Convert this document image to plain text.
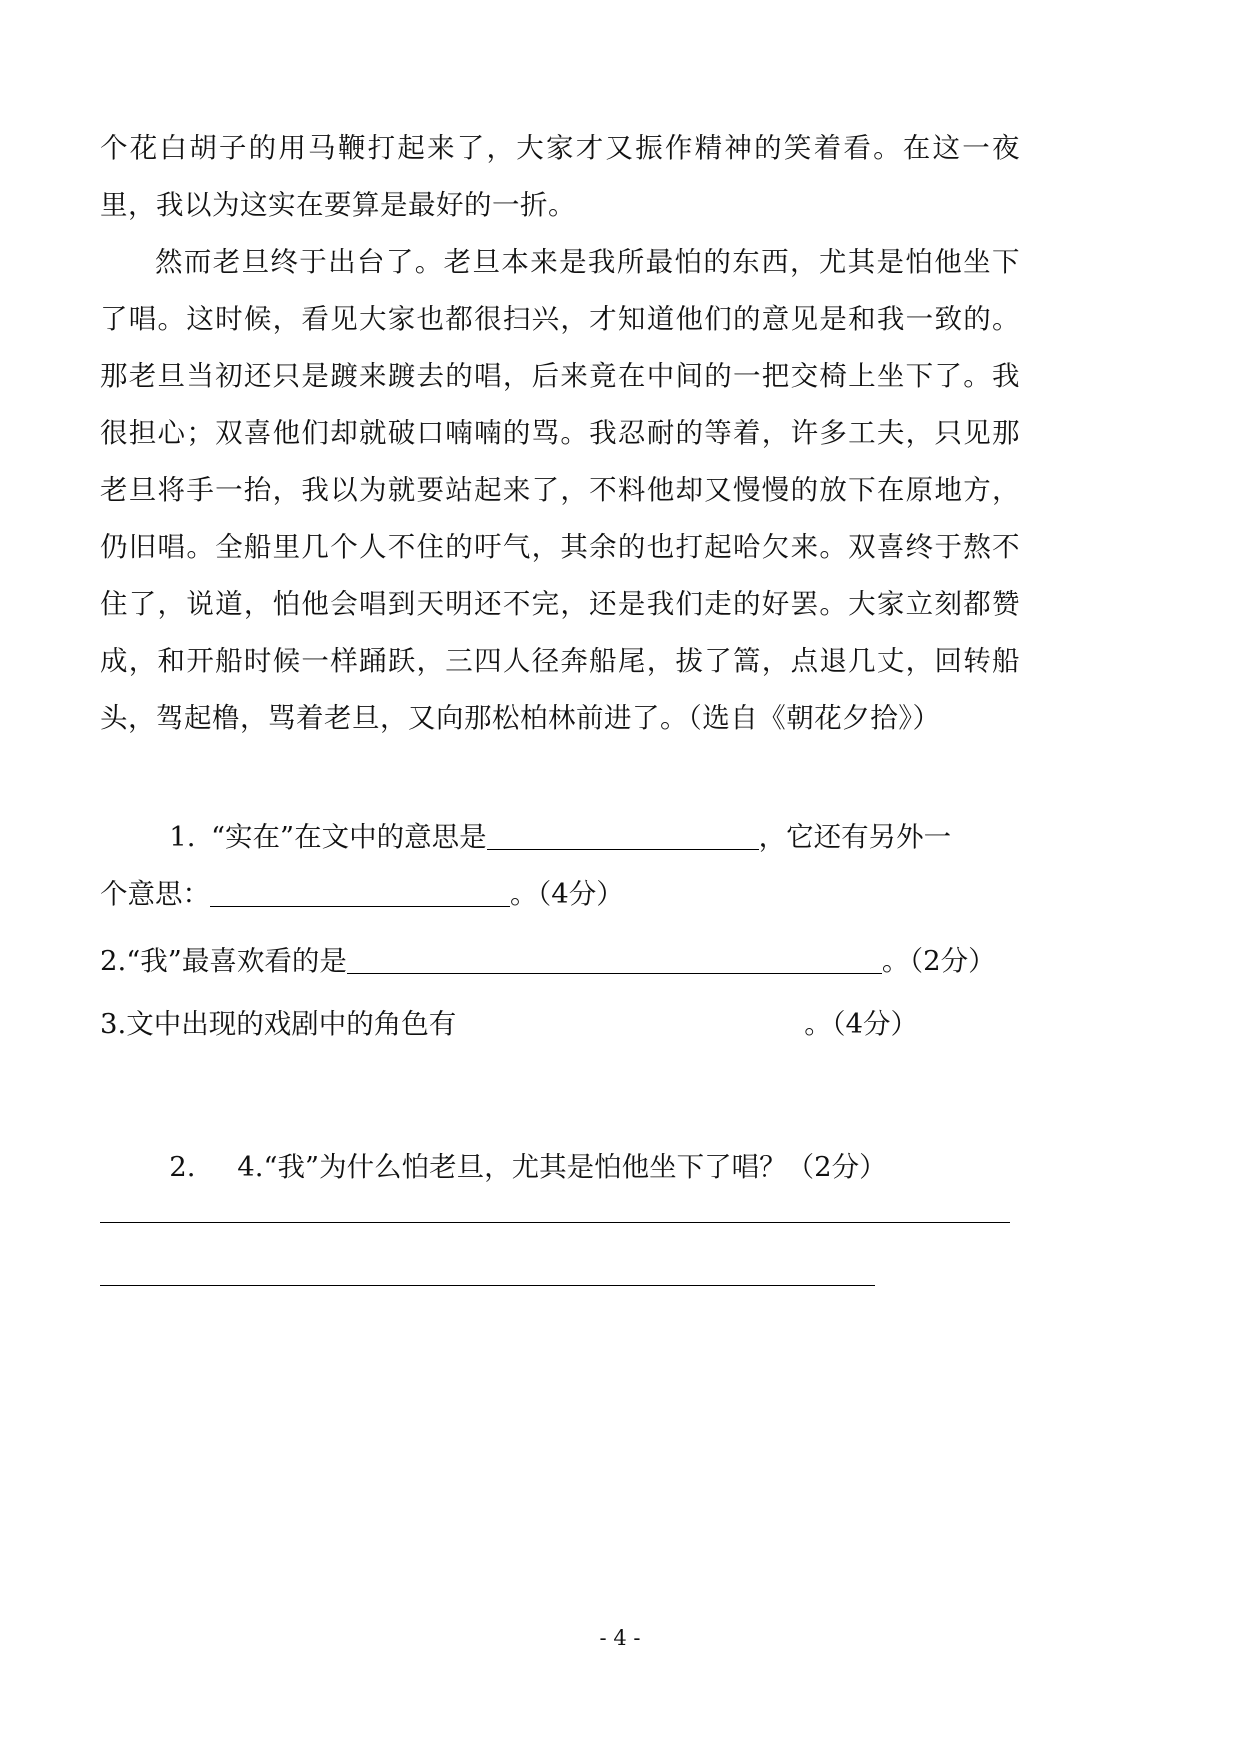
个花白胡子的用马鞭打起来了，大家才又振作精神的笑着看。在这一夜里，我以为这实在要算是最好的一折。

然而老旦终于出台了。老旦本来是我所最怕的东西，尤其是怕他坐下了唱。这时候，看见大家也都很扫兴，才知道他们的意见是和我一致的。那老旦当初还只是踱来踱去的唱，后来竟在中间的一把交椅上坐下了。我很担心；双喜他们却就破口喃喃的骂。我忍耐的等着，许多工夫，只见那老旦将手一抬，我以为就要站起来了，不料他却又慢慢的放下在原地方，仍旧唱。全船里几个人不住的吁气，其余的也打起哈欠来。双喜终于熬不住了，说道，怕他会唱到天明还不完，还是我们走的好罢。大家立刻都赞成，和开船时候一样踊跃，三四人径奔船尾，拔了篙，点退几丈，回转船头，驾起橹，骂着老旦，又向那松柏林前进了。（选自《朝花夕拾》）

1. “实在”在文中的意思是	，它还有另外一
个意思：	。（4分）
2.“我”最喜欢看的是	。（2分）
3.文中出现的戏剧中的角色有	。（4分）
2. 4.“我”为什么怕老旦，尤其是怕他坐下了唱？（2分）
- 4 -
